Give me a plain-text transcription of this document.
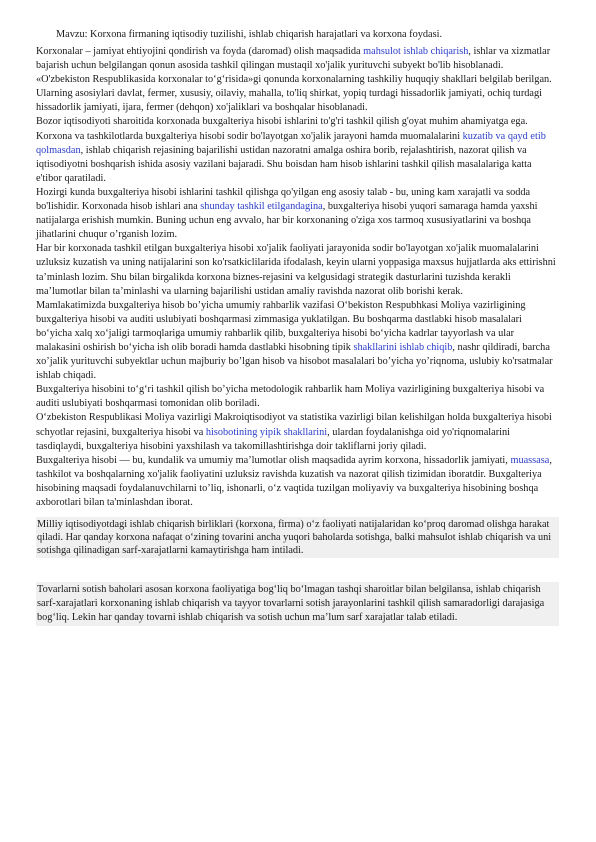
Mavzu: Korxona firmaning iqtisodiy tuzilishi, ishlab chiqarish harajatlari va korxona foydasi.

Korxonalar – jamiyat ehtiyojini qondirish va foyda (daromad) olish maqsadida mahsulot ishlab chiqarish, ishlar va xizmatlar bajarish uchun belgilangan qonun asosida tashkil qilingan mustaqil xo'jalik yurituvchi subyekt bo'lib hisoblanadi. «O'zbekiston Respublikasida korxonalar to‘g‘risida»gi qonunda korxonalarning tashkiliy huquqiy shakllari belgilab berilgan. Ularning asosiylari davlat, fermer, xususiy, oilaviy, mahalla, to'liq shirkat, yopiq turdagi hissadorlik jamiyati, ochiq turdagi hissadorlik jamiyati, ijara, fermer (dehqon) xo'jaliklari va boshqalar hisoblanadi.

Bozor iqtisodiyoti sharoitida korxonada buxgalteriya hisobi ishlarini to'g'ri tashkil qilish g'oyat muhim ahamiyatga ega. Korxona va tashkilotlarda buxgalteriya hisobi sodir bo'layotgan xo'jalik jarayoni hamda muomalalarini kuzatib va qayd etib qolmasdan, ishlab chiqarish rejasining bajarilishi ustidan nazoratni amalga oshira borib, rejalashtirish, nazorat qilish va iqtisodiyotni boshqarish ishida asosiy vazilani bajaradi. Shu boisdan ham hisob ishlarini tashkil qilish masalalariga katta e'tibor qaratiladi.

Hozirgi kunda buxgalteriya hisobi ishlarini tashkil qilishga qo'yilgan eng asosiy talab - bu, uning kam xarajatli va sodda bo'lishidir. Korxonada hisob ishlari ana shunday tashkil etilgandagina, buxgalteriya hisobi yuqori samaraga hamda yaxshi natijalarga erishish mumkin. Buning uchun eng avvalo, har bir korxonaning o'ziga xos tarmoq xususiyatlarini va boshqa jihatlarini chuqur o’rganish lozim.

Har bir korxonada tashkil etilgan buxgalteriya hisobi xo'jalik faoliyati jarayonida sodir bo'layotgan xo'jalik muomalalarini uzluksiz kuzatish va uning natijalarini son ko'rsatkiclilarida ifodalash, keyin ularni yoppasiga maxsus hujjatlarda aks ettirishni ta’minlash lozim. Shu bilan birgalikda korxona biznes-rejasini va kelgusidagi strategik dasturlarini tuzishda kerakli ma’lumotlar bilan ta’minlashi va ularning bajarilishi ustidan amaliy ravishda nazorat olib borishi kerak.

Mamlakatimizda buxgalteriya hisob bo’yicha umumiy rahbarlik vazifasi O‘bekiston Respubhkasi Moliya vazirligining buxgalteriya hisobi va auditi uslubiyati boshqarmasi zimmasiga yuklatilgan. Bu boshqarma dastlabki hisob masalalari bo‘yicha xalq xo‘jaligi tarmoqlariga umumiy rahbarlik qilib, buxgalteriya hisobi bo‘yicha kadrlar tayyorlash va ular malakasini oshirish bo‘yicha ish olib boradi hamda dastlabki hisobning tipik shakllarini ishlab chiqib, nashr qildiradi, barcha xo’jalik yurituvchi subyektlar uchun majburiy bo’lgan hisob va hisobot masalalari bo’yicha yo’riqnoma, uslubiy ko'rsatmalar ishlab chiqadi.

Buxgalteriya hisobini to‘g‘ri tashkil qilish bo’yicha metodologik rahbarlik ham Moliya vazirligining buxgalteriya hisobi va auditi uslubiyati boshqarmasi tomonidan olib boriladi.

O‘zbekiston Respublikasi Moliya vazirligi Makroiqtisodiyot va statistika vazirligi bilan kelishilgan holda buxgalteriya hisobi schyotlar rejasini, buxgalteriya hisobi va hisobotining yipik shakllarini, ulardan foydalanishga oid yo'riqnomalarini tasdiqlaydi, buxgalteriya hisobini yaxshilash va takomillashtirishga doir takliflarni joriy qiladi.

Buxgalteriya hisobi — bu, kundalik va umumiy ma’lumotlar olish maqsadida ayrim korxona, hissadorlik jamiyati, muassasa, tashkilot va boshqalarning xo'jalik faoliyatini uzluksiz ravishda kuzatish va nazorat qilish tizimidan iboratdir. Buxgalteriya hisobining maqsadi foydalanuvchilarni to’liq, ishonarli, o‘z vaqtida tuzilgan moliyaviy va buxgalteriya hisobining boshqa axborotlari bilan ta'minlashdan iborat.

Milliy iqtisodiyotdagi ishlab chiqarish birliklari (korxona, firma) o‘z faoliyati natijalaridan ko‘proq daromad olishga harakat qiladi. Har qanday korxona nafaqat o‘zining tovarini ancha yuqori baholarda sotishga, balki mahsulot ishlab chiqarish va uni sotishga qilinadigan sarf-xarajatlarni kamaytirishga ham intiladi.

Tovarlarni sotish baholari asosan korxona faoliyatiga bog‘liq bo‘lmagan tashqi sharoitlar bilan belgilansa, ishlab chiqarish sarf-xarajatlari korxonaning ishlab chiqarish va tayyor tovarlarni sotish jarayonlarini tashkil qilish samaradorligi darajasiga bog‘liq. Lekin har qanday tovarni ishlab chiqarish va sotish uchun ma’lum sarf xarajatlar talab etiladi.
